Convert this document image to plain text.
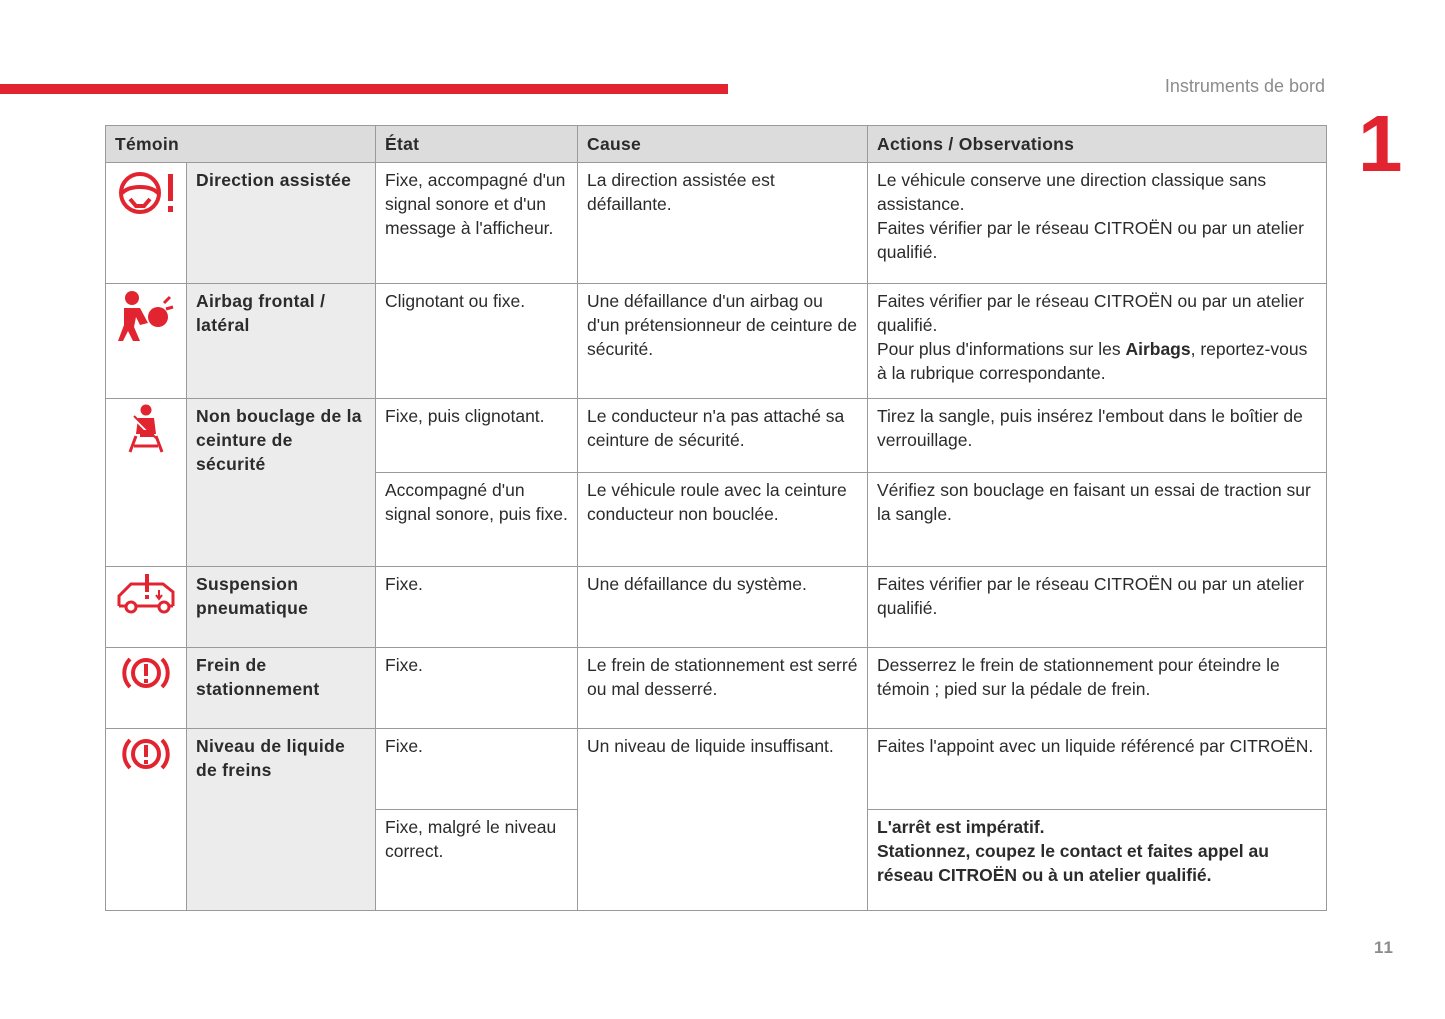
Instruments de bord
1
11
Témoin		État	Cause	Actions / Observations

	Direction assistée	Fixe, accompagné d'un signal sonore et d'un message à l'afficheur.	La direction assistée est défaillante.	Le véhicule conserve une direction classique sans assistance.
Faites vérifier par le réseau CITROËN ou par un atelier qualifié.

	Airbag frontal / latéral	Clignotant ou fixe.	Une défaillance d'un airbag ou d'un prétensionneur de ceinture de sécurité.	Faites vérifier par le réseau CITROËN ou par un atelier qualifié.
Pour plus d'informations sur les Airbags, reportez-vous à la rubrique correspondante.

	Non bouclage de la ceinture de sécurité	Fixe, puis clignotant.	Le conducteur n'a pas attaché sa ceinture de sécurité.	Tirez la sangle, puis insérez l'embout dans le boîtier de verrouillage.
		Accompagné d'un signal sonore, puis fixe.	Le véhicule roule avec la ceinture conducteur non bouclée.	Vérifiez son bouclage en faisant un essai de traction sur la sangle.

	Suspension pneumatique	Fixe.	Une défaillance du système.	Faites vérifier par le réseau CITROËN ou par un atelier qualifié.

	Frein de stationnement	Fixe.	Le frein de stationnement est serré ou mal desserré.	Desserrez le frein de stationnement pour éteindre le témoin ; pied sur la pédale de frein.

	Niveau de liquide de freins	Fixe.	Un niveau de liquide insuffisant.	Faites l'appoint avec un liquide référencé par CITROËN.
		Fixe, malgré le niveau correct.		L'arrêt est impératif.
Stationnez, coupez le contact et faites appel au réseau CITROËN ou à un atelier qualifié.
